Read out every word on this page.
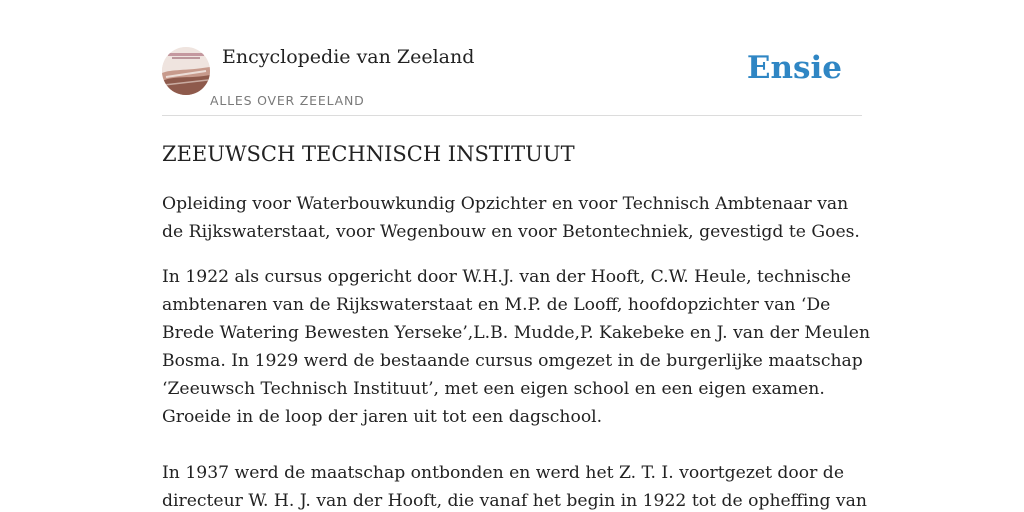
Encyclopedie van Zeeland
ALLES OVER ZEELAND
Ensie
ZEEUWSCH TECHNISCH INSTITUUT

Opleiding voor Waterbouwkundig Opzichter en voor Technisch Ambtenaar van
de Rijkswaterstaat, voor Wegenbouw en voor Betontechniek, gevestigd te Goes.

In 1922 als cursus opgericht door W.H.J. van der Hooft, C.W. Heule, technische
ambtenaren van de Rijkswaterstaat en M.P. de Looff, hoofdopzichter van ‘De
Brede Watering Bewesten Yerseke’,L.B. Mudde,P. Kakebeke en J. van der Meulen
Bosma. In 1929 werd de bestaande cursus omgezet in de burgerlijke maatschap
‘Zeeuwsch Technisch Instituut’, met een eigen school en een eigen examen.
Groeide in de loop der jaren uit tot een dagschool.
In 1937 werd de maatschap ontbonden en werd het Z. T. I. voortgezet door de
directeur W. H. J. van der Hooft, die vanaf het begin in 1922 tot de opheffing van
